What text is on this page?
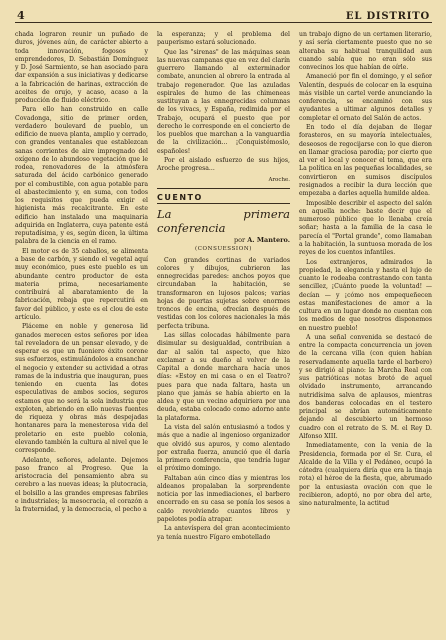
4	EL DISTRITO

chada lograron reunir un puñado de duros, jóvenes aún, de carácter abierto a toda innovación, fogosos y emprendedores, D. Sebastián Domínguez y D. José Sarmiento, se han asociado para dar expansión a sus iniciativas y dedicarse a la fabricación de harinas, extracción de aceites de orujo, y acaso, acaso a la producción de fluido eléctrico.

Para ello han construido en calle Covadonga, sitio de primer orden, verdadero boulevard de pueblo, un edificio de nueva planta, amplio y cerrado, con grandes ventanales que establezcan sanas corrientes de aire impregnado del oxígeno de lo abundoso vegetación que le rodea, renovadores de la atmósfera saturada del ácido carbónico generado por el combustible, con agua potable para el abastecimiento y, en suma, con todos los requisitos que pueda exigir el higienista más recalcitrante. En este edificio han instalado una maquinaria adquirida en Inglaterra, cuya patente está reputadísima, y es, según dicen, la última palabra de la ciencia en el ramo.

El motor es de 35 caballos, se alimenta a base de carbón, y siendo el vegetal aquí muy económico, pues este pueblo es un abundante centro productor de esta materia prima, necesariamente contribuirá al abaratamiento de la fabricación, rebaja que repercutirá en favor del público, y este es el clou de este artículo.

Pláceme en noble y generosa lid ganados merecen estos señores por idea tal reveladora de un pensar elevado, y de esperar es que un fuoniero éxito corone sus esfuerzos, estimulándolos a ensanchar el negocio y extender su actividad a otras ramas de la industria que inauguran, pues teniendo en cuenta las dotes especulativas de ambos socios, seguros estamos que no será la sola industria que exploten, abriendo en ello nuevas fuentes de riqueza y obras más despejadas hontanares para la menesterosa vida del proletario en este pueblo colonia, elevando también la cultura al nivel que le corresponde.

Adelante, señores, adelante. Dejemos paso franco al Progreso. Que la aristocracia del pensamiento abra su cerebro a las nuevas ideas; la plutocracia, el bolsillo a las grandes empresas fabriles e industriales; la mesocracia, el corazón a la fraternidad, y la democracia, el pecho a

la esperanza; y el problema del pauperismo estará solucionado.

Que las "sirenas" de las máquinas sean las nuevas campanas que en vez del clarín guerrero llamando al exterminador combate, anuncien al obrero la entrada al trabajo regenerador. Que las azuladas espirales de humo de las chimeneas sustituyan a las ennegrecidas columnas de los vivacs, y España, redimida por el Trabajo, ocupará el puesto que por derecho le corresponde en el concierto de los pueblos que marchan a la vanguardia de la civilización... ¡Conquistémoslo, españoles!

Por el aislado esfuerzo de sus hijos, Aroche progresa...

Aroche.
CUENTO
La primera conferencia
por A. Mantero.
(CONSUESSION)

Con grandes cortinas de variados colores y dibujos, cubrieron las ennegrecidas paredes: anchos poyos que circundaban la habitación, se transformaron en lujosos palcos; varias hojas de puertas sujetas sobre enormes troncos de encina, ofrecían después de vestidas con los colores nacionales la más perfecta tribuna.

Las sillas colocadas hábilmente para disimular su desigualdad, contribuían a dar al salón tal aspecto, que hizo exclamar a su dueño al volver de la Capital a donde marchara hacía unos días: «Estoy en mi casa o en el Teatro? pues para que nada faltara, hasta un piano que jamás se había abierto en la aldea y que un vecino adquiriera por una deuda, estaba colocado como adorno ante la plataforma.

La vista del salón entusiasmó a todos y más que a nadie al ingenioso organizador que olvidó sus apuros, y como alentado por extraña fuerza, anunció que él daría la primera conferencia, que tendría lugar el próximo domingo.

Faltaban aún cinco días y mientras los aldeanos propalaban la sorprendente noticia por las inmediaciones, el barbero encerrado en su casa se ponía los sesos a caldo revolviendo cuantos libros y papelotes podía atrapar.

La antevíspera del gran acontecimiento ya tenía nuestro Fígaro embotellado

un trabajo digno de un certamen literario, y así sería ciertamente puesto que no se alteraba su habitual tranquilidad aun cuando sabía que no eran sólo sus convecinos los que habían de oírle.

Amaneció por fin el domingo, y el señor Valentín, después de colocar en la esquina más visible un cartel verde anunciando la conferencia, se encaminó con sus ayudantes a ultimar algunos detalles y completar el ornato del Salón de actos.

En todo el día dejaban de llegar forasteros, en su mayoría intelectuales, deseosos de regocijarse con lo que dieron en llamar graciosa parodia; por cierto que al ver el local y conocer el tema, que era La política en las pequeñas localidades, se convirtieron en sumisos discípulos resignados a recibir la dura lección que empezaba a darles aquella humilde aldea.

Imposible describir el aspecto del salón en aquella noche: baste decir que el numeroso público que lo llenaba creía soñar; hasta a la familia de la casa le parecía el "Portal grande", como llamaban a la habitación, la suntuosa morada de los reyes de los cuentos infantiles.

Los extranjeros, admirados la propiedad, la elegancia y hasta el lujo de cuanto le rodeaba contrastando con tanta sencillez, ¡Cuánto puede la voluntad! —decían — y ¡cómo nos empequeñecen estas manifestaciones de amor a la cultura en un lugar donde no cuentan con los medios de que nosotros disponemos en nuestro pueblo!

A una señal convenida se destacó de entre la compacta concurrencia un joven de la cercana villa (con quien habían reservadamente aquella tarde el barbero) y se dirigió al piano: la Marcha Real con sus patrióticas notas brotó de aquel olvidado instrumento, arrancando nutridísima salva de aplausos, mientras dos banderas colocadas en el testero principal se abrían automáticamente dejando al descubierto un hermoso cuadro con el retrato de S. M. el Rey D. Alfonso XIII.

Inmediatamente, con la venia de la Presidencia, formada por el Sr. Cura, el Alcalde de la Villa y el Pedáneo, ocupó la cátedra (cualquiera diría que era la tinaja rota) el héroe de la fiesta, que, abrumado por la entusiasta ovación con que le recibieron, adoptó, no por obra del arte, sino naturalmente, la actitud
